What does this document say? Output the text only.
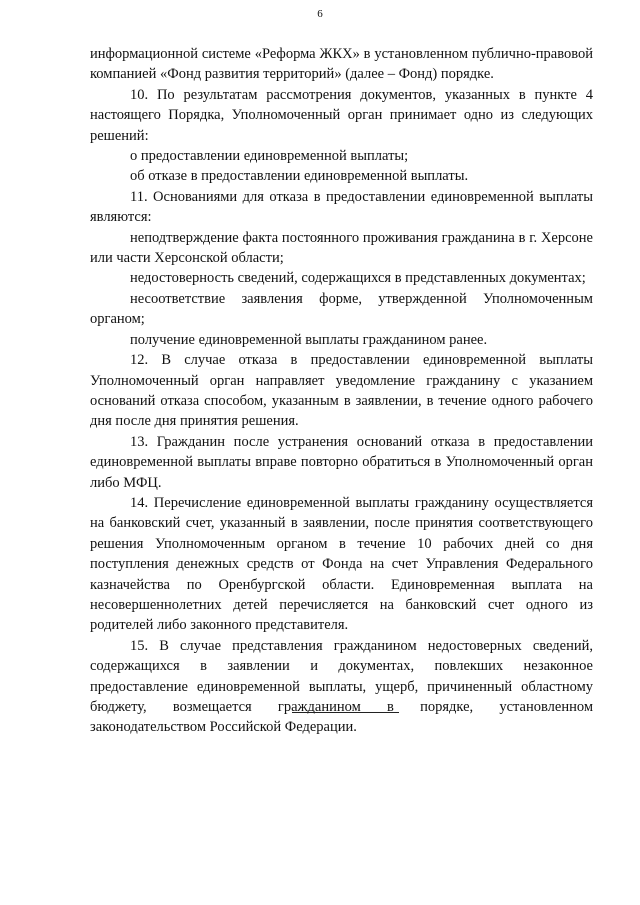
6

информационной системе «Реформа ЖКХ» в установленном публично-правовой компанией «Фонд развития территорий» (далее – Фонд) порядке.

10. По результатам рассмотрения документов, указанных в пункте 4 настоящего Порядка, Уполномоченный орган принимает одно из следующих решений:

о предоставлении единовременной выплаты;

об отказе в предоставлении единовременной выплаты.

11. Основаниями для отказа в предоставлении единовременной выплаты являются:

неподтверждение факта постоянного проживания гражданина в г. Херсоне или части Херсонской области;

недостоверность сведений, содержащихся в представленных документах;

несоответствие заявления форме, утвержденной Уполномоченным органом;

получение единовременной выплаты гражданином ранее.

12. В случае отказа в предоставлении единовременной выплаты Уполномоченный орган направляет уведомление гражданину с указанием оснований отказа способом, указанным в заявлении, в течение одного рабочего дня после дня принятия решения.

13. Гражданин после устранения оснований отказа в предоставлении единовременной выплаты вправе повторно обратиться в Уполномоченный орган либо МФЦ.

14. Перечисление единовременной выплаты гражданину осуществляется на банковский счет, указанный в заявлении, после принятия соответствующего решения Уполномоченным органом в течение 10 рабочих дней со дня поступления денежных средств от Фонда на счет Управления Федерального казначейства по Оренбургской области. Единовременная выплата на несовершеннолетних детей перечисляется на банковский счет одного из родителей либо законного представителя.

15. В случае представления гражданином недостоверных сведений, содержащихся в заявлении и документах, повлекших незаконное предоставление единовременной выплаты, ущерб, причиненный областному бюджету, возмещается гражданином в порядке, установленном законодательством Российской Федерации.
